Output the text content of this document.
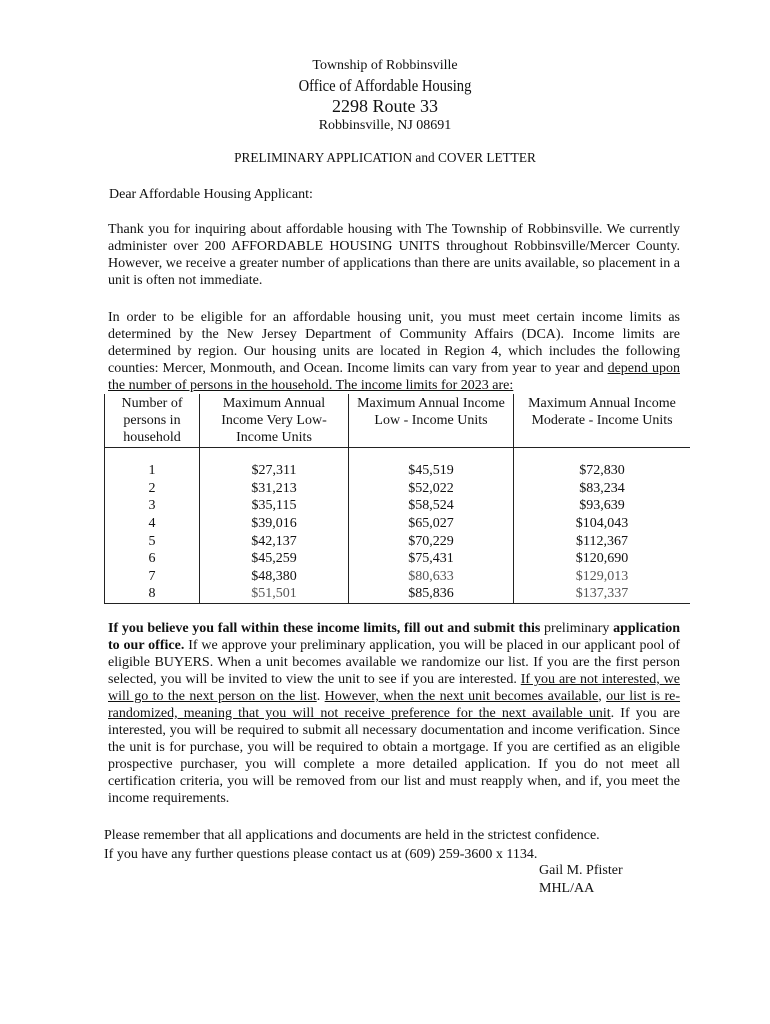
Township of Robbinsville
Office of Affordable Housing
2298 Route 33
Robbinsville, NJ 08691
PRELIMINARY APPLICATION and COVER LETTER
Dear Affordable Housing Applicant:
Thank you for inquiring about affordable housing with The Township of Robbinsville. We currently administer over 200 AFFORDABLE HOUSING UNITS throughout Robbinsville/Mercer County. However, we receive a greater number of applications than there are units available, so placement in a unit is often not immediate.
In order to be eligible for an affordable housing unit, you must meet certain income limits as determined by the New Jersey Department of Community Affairs (DCA). Income limits are determined by region. Our housing units are located in Region 4, which includes the following counties: Mercer, Monmouth, and Ocean. Income limits can vary from year to year and depend upon the number of persons in the household. The income limits for 2023 are:
Number of persons in household	Maximum Annual Income Very Low-Income Units	Maximum Annual Income Low - Income Units	Maximum Annual Income Moderate - Income Units

1	$27,311	$45,519	$72,830
2	$31,213	$52,022	$83,234
3	$35,115	$58,524	$93,639
4	$39,016	$65,027	$104,043
5	$42,137	$70,229	$112,367
6	$45,259	$75,431	$120,690
7	$48,380	$80,633	$129,013
8	$51,501	$85,836	$137,337
If you believe you fall within these income limits, fill out and submit this preliminary application to our office. If we approve your preliminary application, you will be placed in our applicant pool of eligible BUYERS. When a unit becomes available we randomize our list. If you are the first person selected, you will be invited to view the unit to see if you are interested. If you are not interested, we will go to the next person on the list. However, when the next unit becomes available, our list is re-randomized, meaning that you will not receive preference for the next available unit. If you are interested, you will be required to submit all necessary documentation and income verification. Since the unit is for purchase, you will be required to obtain a mortgage. If you are certified as an eligible prospective purchaser, you will complete a more detailed application. If you do not meet all certification criteria, you will be removed from our list and must reapply when, and if, you meet the income requirements.
Please remember that all applications and documents are held in the strictest confidence.
If you have any further questions please contact us at (609) 259-3600 x 1134.
Gail M. Pfister
MHL/AA
